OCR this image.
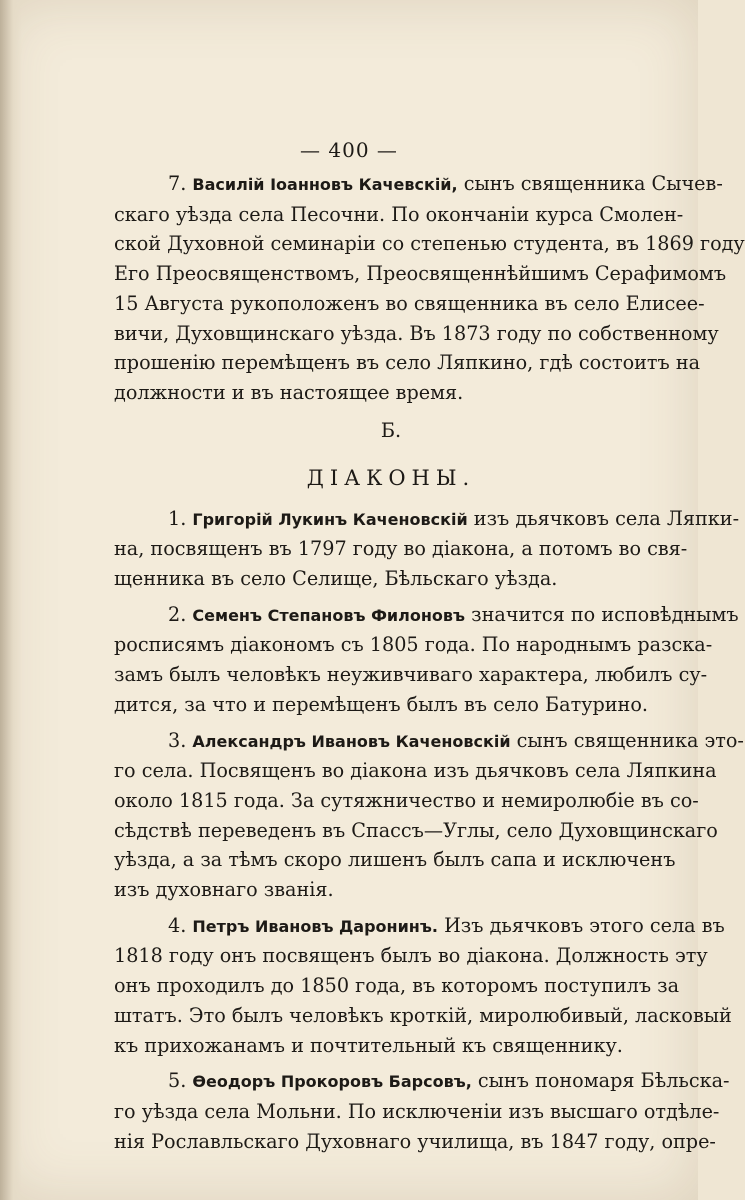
— 400 —
7. Василій Іоанновъ Качевскій, сынъ священника Сычев-
скаго уѣзда села Песочни. По окончаніи курса Смолен-
ской Духовной семинаріи со степенью студента, въ 1869 году
Его Преосвященствомъ, Преосвященнѣйшимъ Серафимомъ
15 Августа рукоположенъ во священника въ село Елисее-
вичи, Духовщинскаго уѣзда. Въ 1873 году по собственному
прошенію перемѣщенъ въ село Ляпкино, гдѣ состоитъ на
должности и въ настоящее время.

Б.

ДІАКОНЫ.

1. Григорій Лукинъ Каченовскій изъ дьячковъ села Ляпки-
на, посвященъ въ 1797 году во діакона, а потомъ во свя-
щенника въ село Селище, Бѣльскаго уѣзда.
2. Семенъ Степановъ Филоновъ значится по исповѣднымъ
росписямъ діакономъ съ 1805 года. По народнымъ разска-
замъ былъ человѣкъ неуживчиваго характера, любилъ су-
дится, за что и перемѣщенъ былъ въ село Батурино.
3. Александръ Ивановъ Каченовскій сынъ священника это-
го села. Посвященъ во діакона изъ дьячковъ села Ляпкина
около 1815 года. За сутяжничество и немиролюбіе въ со-
сѣдствѣ переведенъ въ Спассъ—Углы, село Духовщинскаго
уѣзда, а за тѣмъ скоро лишенъ былъ сапа и исключенъ
изъ духовнаго званія.
4. Петръ Ивановъ Даронинъ. Изъ дьячковъ этого села въ
1818 году онъ посвященъ былъ во діакона. Должность эту
онъ проходилъ до 1850 года, въ которомъ поступилъ за
штатъ. Это былъ человѣкъ кроткій, миролюбивый, ласковый
къ прихожанамъ и почтительный къ священнику.
5. Өеодоръ Прокоровъ Барсовъ, сынъ пономаря Бѣльска-
го уѣзда села Мольни. По исключеніи изъ высшаго отдѣле-
нія Рославльскаго Духовнаго училища, въ 1847 году, опре-
